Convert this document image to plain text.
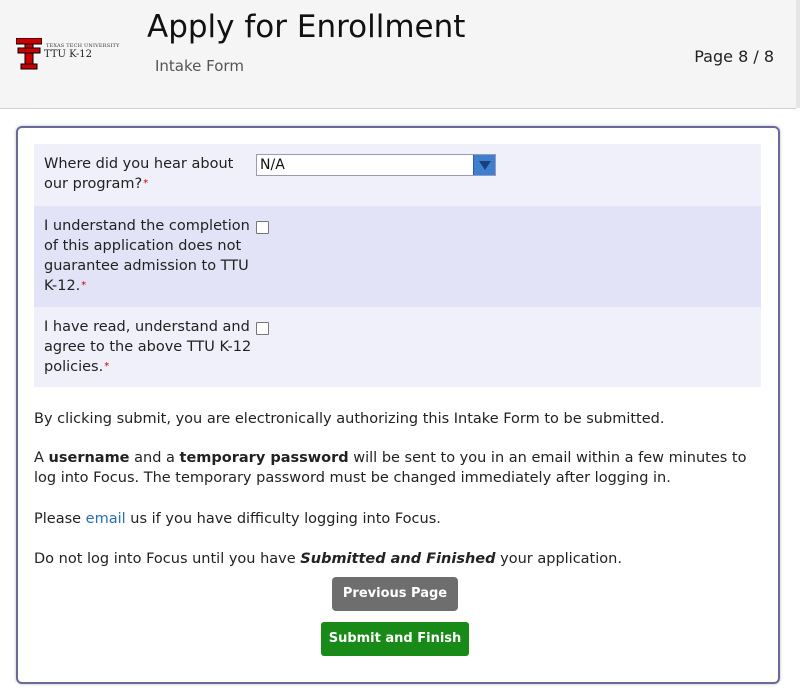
TEXAS TECH UNIVERSITY
TTU K-12
Apply for Enrollment
Intake Form	Page 8 / 8
Where did you hear about our program?*
N/A
I understand the completion of this application does not guarantee admission to TTU K-12.*
I have read, understand and agree to the above TTU K-12 policies.*
By clicking submit, you are electronically authorizing this Intake Form to be submitted.
A username and a temporary password will be sent to you in an email within a few minutes to log into Focus. The temporary password must be changed immediately after logging in.
Please email us if you have difficulty logging into Focus.
Do not log into Focus until you have Submitted and Finished your application.
Previous Page
Submit and Finish
